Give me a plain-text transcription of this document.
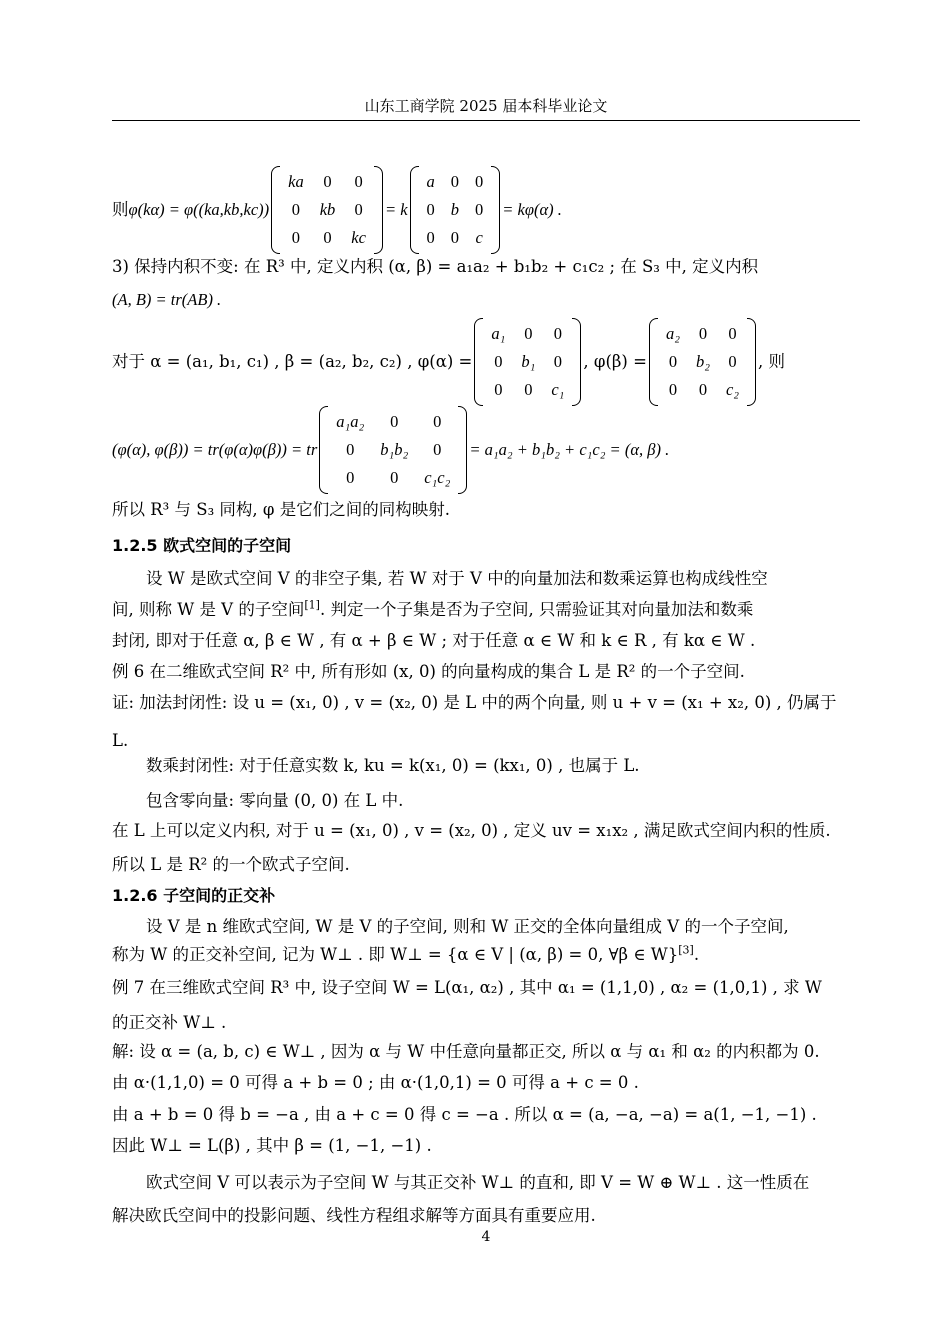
山东工商学院 2025 届本科毕业论文
则 φ(kα) = φ((ka,kb,kc))
ka	0	0
0	kb	0
0	0	kc
= k
a	0	0
0	b	0
0	0	c
= kφ(α) .
3) 保持内积不变: 在 R³ 中, 定义内积 (α, β) = a₁a₂ + b₁b₂ + c₁c₂ ; 在 S₃ 中, 定义内积
(A, B) = tr(AB) .
对于 α = (a₁, b₁, c₁) , β = (a₂, b₂, c₂) , φ(α) =
a₁	0	0
0	b₁	0
0	0	c₁
, φ(β) =
a₂	0	0
0	b₂	0
0	0	c₂
, 则
(φ(α), φ(β)) = tr(φ(α)φ(β)) = tr
a₁a₂	0	0
0	b₁b₂	0
0	0	c₁c₂
= a₁a₂ + b₁b₂ + c₁c₂ = (α, β) .
所以 R³ 与 S₃ 同构, φ 是它们之间的同构映射.
1.2.5 欧式空间的子空间
设 W 是欧式空间 V 的非空子集, 若 W 对于 V 中的向量加法和数乘运算也构成线性空
间, 则称 W 是 V 的子空间[1]. 判定一个子集是否为子空间, 只需验证其对向量加法和数乘
封闭, 即对于任意 α, β ∈ W , 有 α + β ∈ W ; 对于任意 α ∈ W 和 k ∈ R , 有 kα ∈ W .
例 6 在二维欧式空间 R² 中, 所有形如 (x, 0) 的向量构成的集合 L 是 R² 的一个子空间.
证: 加法封闭性: 设 u = (x₁, 0) , v = (x₂, 0) 是 L 中的两个向量, 则 u + v = (x₁ + x₂, 0) , 仍属于
L.
数乘封闭性: 对于任意实数 k, ku = k(x₁, 0) = (kx₁, 0) , 也属于 L.
包含零向量: 零向量 (0, 0) 在 L 中.
在 L 上可以定义内积, 对于 u = (x₁, 0) , v = (x₂, 0) , 定义 uv = x₁x₂ , 满足欧式空间内积的性质.
所以 L 是 R² 的一个欧式子空间.
1.2.6 子空间的正交补
设 V 是 n 维欧式空间, W 是 V 的子空间, 则和 W 正交的全体向量组成 V 的一个子空间,
称为 W 的正交补空间, 记为 W⊥ . 即 W⊥ = {α ∈ V | (α, β) = 0, ∀β ∈ W}[3].
例 7 在三维欧式空间 R³ 中, 设子空间 W = L(α₁, α₂) , 其中 α₁ = (1,1,0) , α₂ = (1,0,1) , 求 W
的正交补 W⊥ .
解: 设 α = (a, b, c) ∈ W⊥ , 因为 α 与 W 中任意向量都正交, 所以 α 与 α₁ 和 α₂ 的内积都为 0.
由 α·(1,1,0) = 0 可得 a + b = 0 ; 由 α·(1,0,1) = 0 可得 a + c = 0 .
由 a + b = 0 得 b = −a , 由 a + c = 0 得 c = −a . 所以 α = (a, −a, −a) = a(1, −1, −1) .
因此 W⊥ = L(β) , 其中 β = (1, −1, −1) .
欧式空间 V 可以表示为子空间 W 与其正交补 W⊥ 的直和, 即 V = W ⊕ W⊥ . 这一性质在
解决欧氏空间中的投影问题、线性方程组求解等方面具有重要应用.
4
